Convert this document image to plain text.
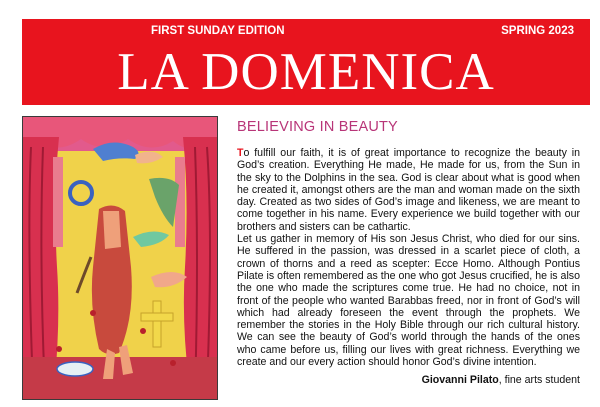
FIRST SUNDAY EDITION	SPRING 2023
LA DOMENICA
BELIEVING IN BEAUTY

To fulfill our faith, it is of great importance to recognize the beauty in God’s creation. Everything He made, He made for us, from the Sun in the sky to the Dolphins in the sea. God is clear about what is good when he created it, amongst others are the man and woman made on the sixth day. Created as two sides of God’s image and likeness, we are meant to come together in his name. Every experience we build together with our brothers and sisters can be cathartic.
Let us gather in memory of His son Jesus Christ, who died for our sins. He suffered in the passion, was dressed in a scarlet piece of cloth, a crown of thorns and a reed as scepter: Ecce Homo. Although Pontius Pilate is often remembered as the one who got Jesus crucified, he is also the one who made the scriptures come true. He had no choice, not in front of the people who wanted Barabbas freed, nor in front of God’s will which had already foreseen the event through the prophets. We remember the stories in the Holy Bible through our rich cultural history. We can see the beauty of God’s world through the hands of the ones who came before us, filling our lives with great richness. Everything we create and our every action should honor God’s divine intention.

Giovanni Pilato, fine arts student
